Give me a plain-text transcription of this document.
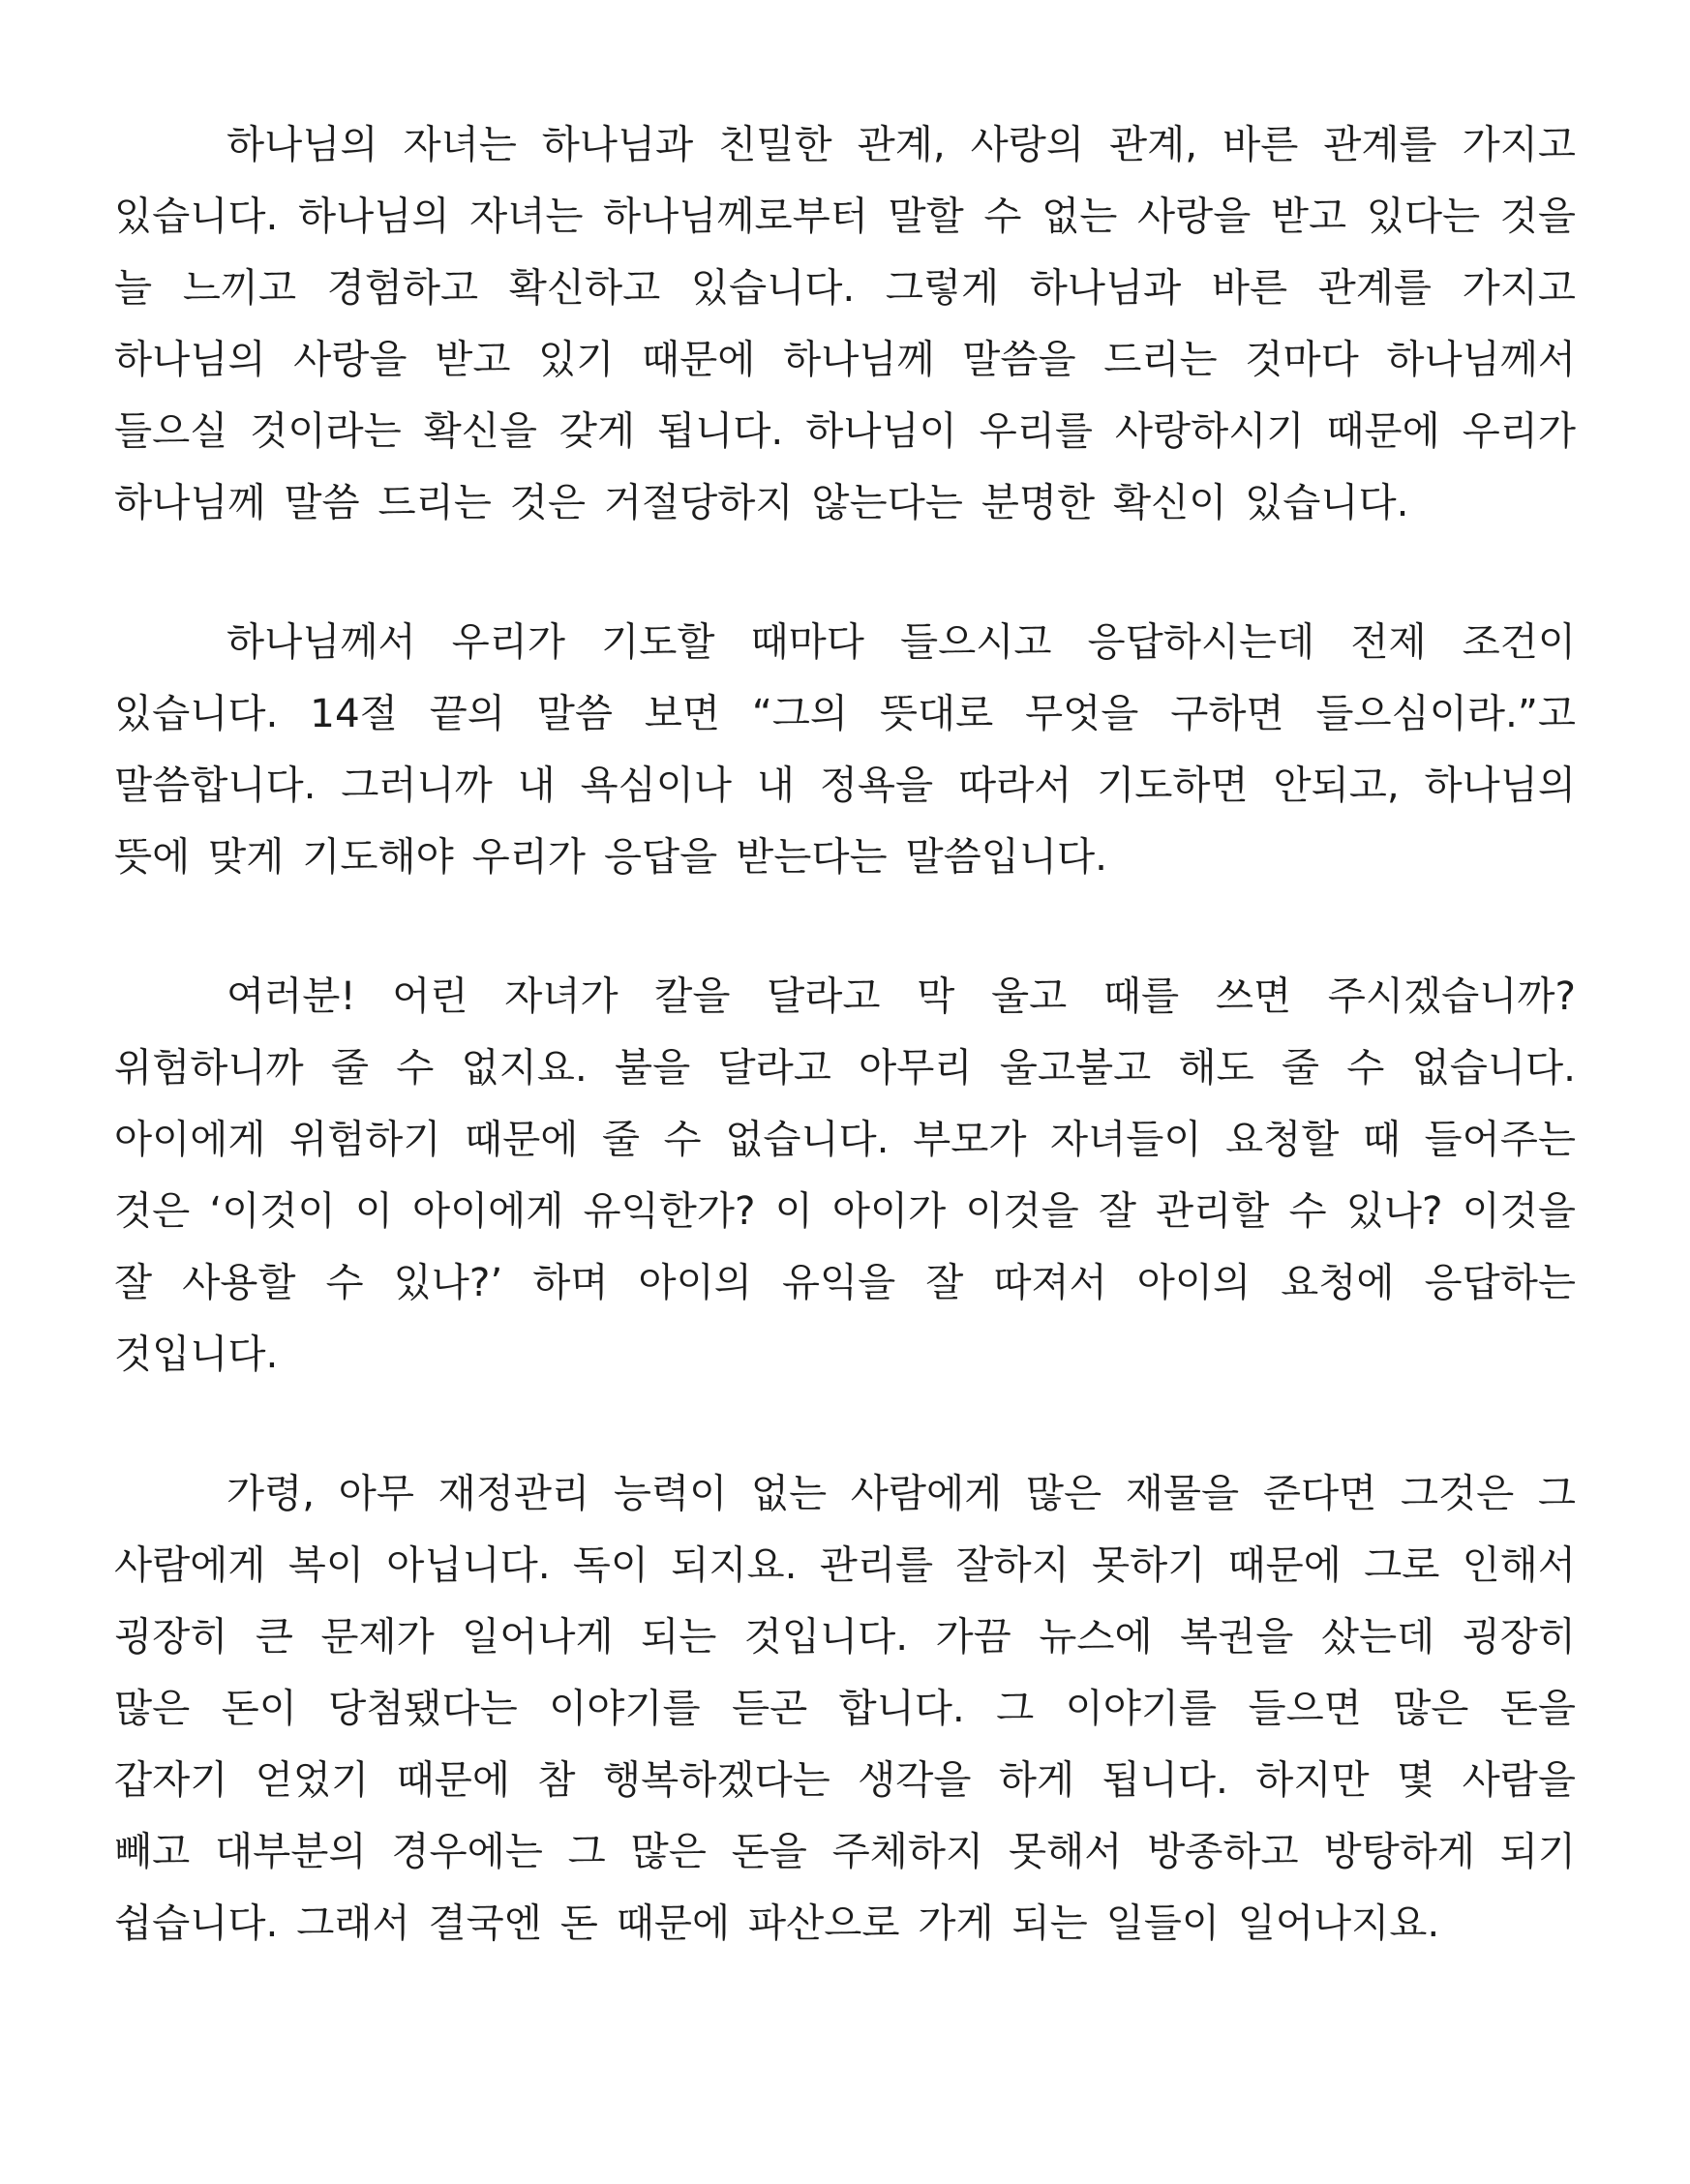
하나님의 자녀는 하나님과 친밀한 관계, 사랑의 관계, 바른 관계를 가지고 있습니다. 하나님의 자녀는 하나님께로부터 말할 수 없는 사랑을 받고 있다는 것을 늘 느끼고 경험하고 확신하고 있습니다. 그렇게 하나님과 바른 관계를 가지고 하나님의 사랑을 받고 있기 때문에 하나님께 말씀을 드리는 것마다 하나님께서 들으실 것이라는 확신을 갖게 됩니다. 하나님이 우리를 사랑하시기 때문에 우리가 하나님께 말씀 드리는 것은 거절당하지 않는다는 분명한 확신이 있습니다.

하나님께서 우리가 기도할 때마다 들으시고 응답하시는데 전제 조건이 있습니다. 14절 끝의 말씀 보면 “그의 뜻대로 무엇을 구하면 들으심이라.”고 말씀합니다. 그러니까 내 욕심이나 내 정욕을 따라서 기도하면 안되고, 하나님의 뜻에 맞게 기도해야 우리가 응답을 받는다는 말씀입니다.

여러분! 어린 자녀가 칼을 달라고 막 울고 때를 쓰면 주시겠습니까? 위험하니까 줄 수 없지요. 불을 달라고 아무리 울고불고 해도 줄 수 없습니다. 아이에게 위험하기 때문에 줄 수 없습니다. 부모가 자녀들이 요청할 때 들어주는 것은 ‘이것이 이 아이에게 유익한가? 이 아이가 이것을 잘 관리할 수 있나? 이것을 잘 사용할 수 있나?’ 하며 아이의 유익을 잘 따져서 아이의 요청에 응답하는 것입니다.

가령, 아무 재정관리 능력이 없는 사람에게 많은 재물을 준다면 그것은 그 사람에게 복이 아닙니다. 독이 되지요. 관리를 잘하지 못하기 때문에 그로 인해서 굉장히 큰 문제가 일어나게 되는 것입니다. 가끔 뉴스에 복권을 샀는데 굉장히 많은 돈이 당첨됐다는 이야기를 듣곤 합니다. 그 이야기를 들으면 많은 돈을 갑자기 얻었기 때문에 참 행복하겠다는 생각을 하게 됩니다. 하지만 몇 사람을 빼고 대부분의 경우에는 그 많은 돈을 주체하지 못해서 방종하고 방탕하게 되기 쉽습니다. 그래서 결국엔 돈 때문에 파산으로 가게 되는 일들이 일어나지요.
